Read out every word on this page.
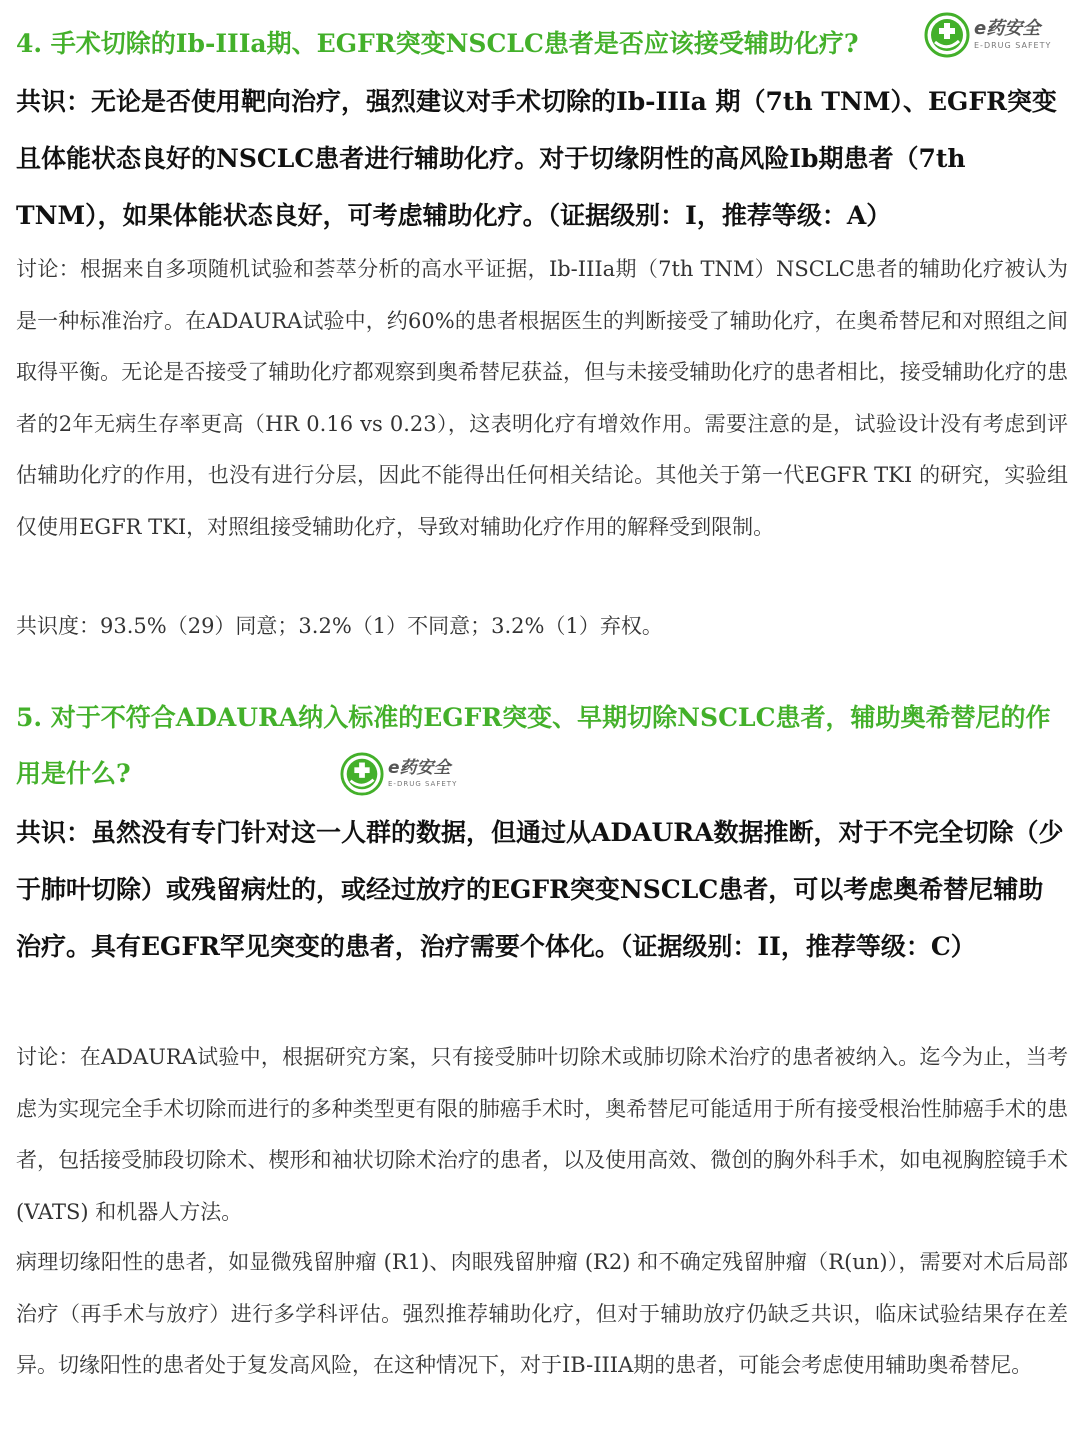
4. 手术切除的Ib-IIIa期、EGFR突变NSCLC患者是否应该接受辅助化疗?
e药安全
E-DRUG SAFETY

共识：无论是否使用靶向治疗，强烈建议对手术切除的Ib-IIIa 期（7th TNM）、EGFR突变且体能状态良好的NSCLC患者进行辅助化疗。对于切缘阴性的高风险Ib期患者（7th TNM），如果体能状态良好，可考虑辅助化疗。（证据级别：I，推荐等级：A）

讨论：根据来自多项随机试验和荟萃分析的高水平证据，Ib-IIIa期（7th TNM）NSCLC患者的辅助化疗被认为是一种标准治疗。在ADAURA试验中，约60%的患者根据医生的判断接受了辅助化疗，在奥希替尼和对照组之间取得平衡。无论是否接受了辅助化疗都观察到奥希替尼获益，但与未接受辅助化疗的患者相比，接受辅助化疗的患者的2年无病生存率更高（HR 0.16 vs 0.23），这表明化疗有增效作用。需要注意的是，试验设计没有考虑到评估辅助化疗的作用，也没有进行分层，因此不能得出任何相关结论。其他关于第一代EGFR TKI 的研究，实验组仅使用EGFR TKI，对照组接受辅助化疗，导致对辅助化疗作用的解释受到限制。

共识度：93.5%（29）同意；3.2%（1）不同意；3.2%（1）弃权。

5. 对于不符合ADAURA纳入标准的EGFR突变、早期切除NSCLC患者，辅助奥希替尼的作用是什么?	e药安全
E-DRUG SAFETY

共识：虽然没有专门针对这一人群的数据，但通过从ADAURA数据推断，对于不完全切除（少于肺叶切除）或残留病灶的，或经过放疗的EGFR突变NSCLC患者，可以考虑奥希替尼辅助治疗。具有EGFR罕见突变的患者，治疗需要个体化。（证据级别：II，推荐等级：C）

讨论：在ADAURA试验中，根据研究方案，只有接受肺叶切除术或肺切除术治疗的患者被纳入。迄今为止，当考虑为实现完全手术切除而进行的多种类型更有限的肺癌手术时，奥希替尼可能适用于所有接受根治性肺癌手术的患者，包括接受肺段切除术、楔形和袖状切除术治疗的患者，以及使用高效、微创的胸外科手术，如电视胸腔镜手术 (VATS) 和机器人方法。

病理切缘阳性的患者，如显微残留肿瘤 (R1)、肉眼残留肿瘤 (R2) 和不确定残留肿瘤（R(un)），需要对术后局部治疗（再手术与放疗）进行多学科评估。强烈推荐辅助化疗，但对于辅助放疗仍缺乏共识，临床试验结果存在差异。切缘阳性的患者处于复发高风险，在这种情况下，对于IB-IIIA期的患者，可能会考虑使用辅助奥希替尼。
